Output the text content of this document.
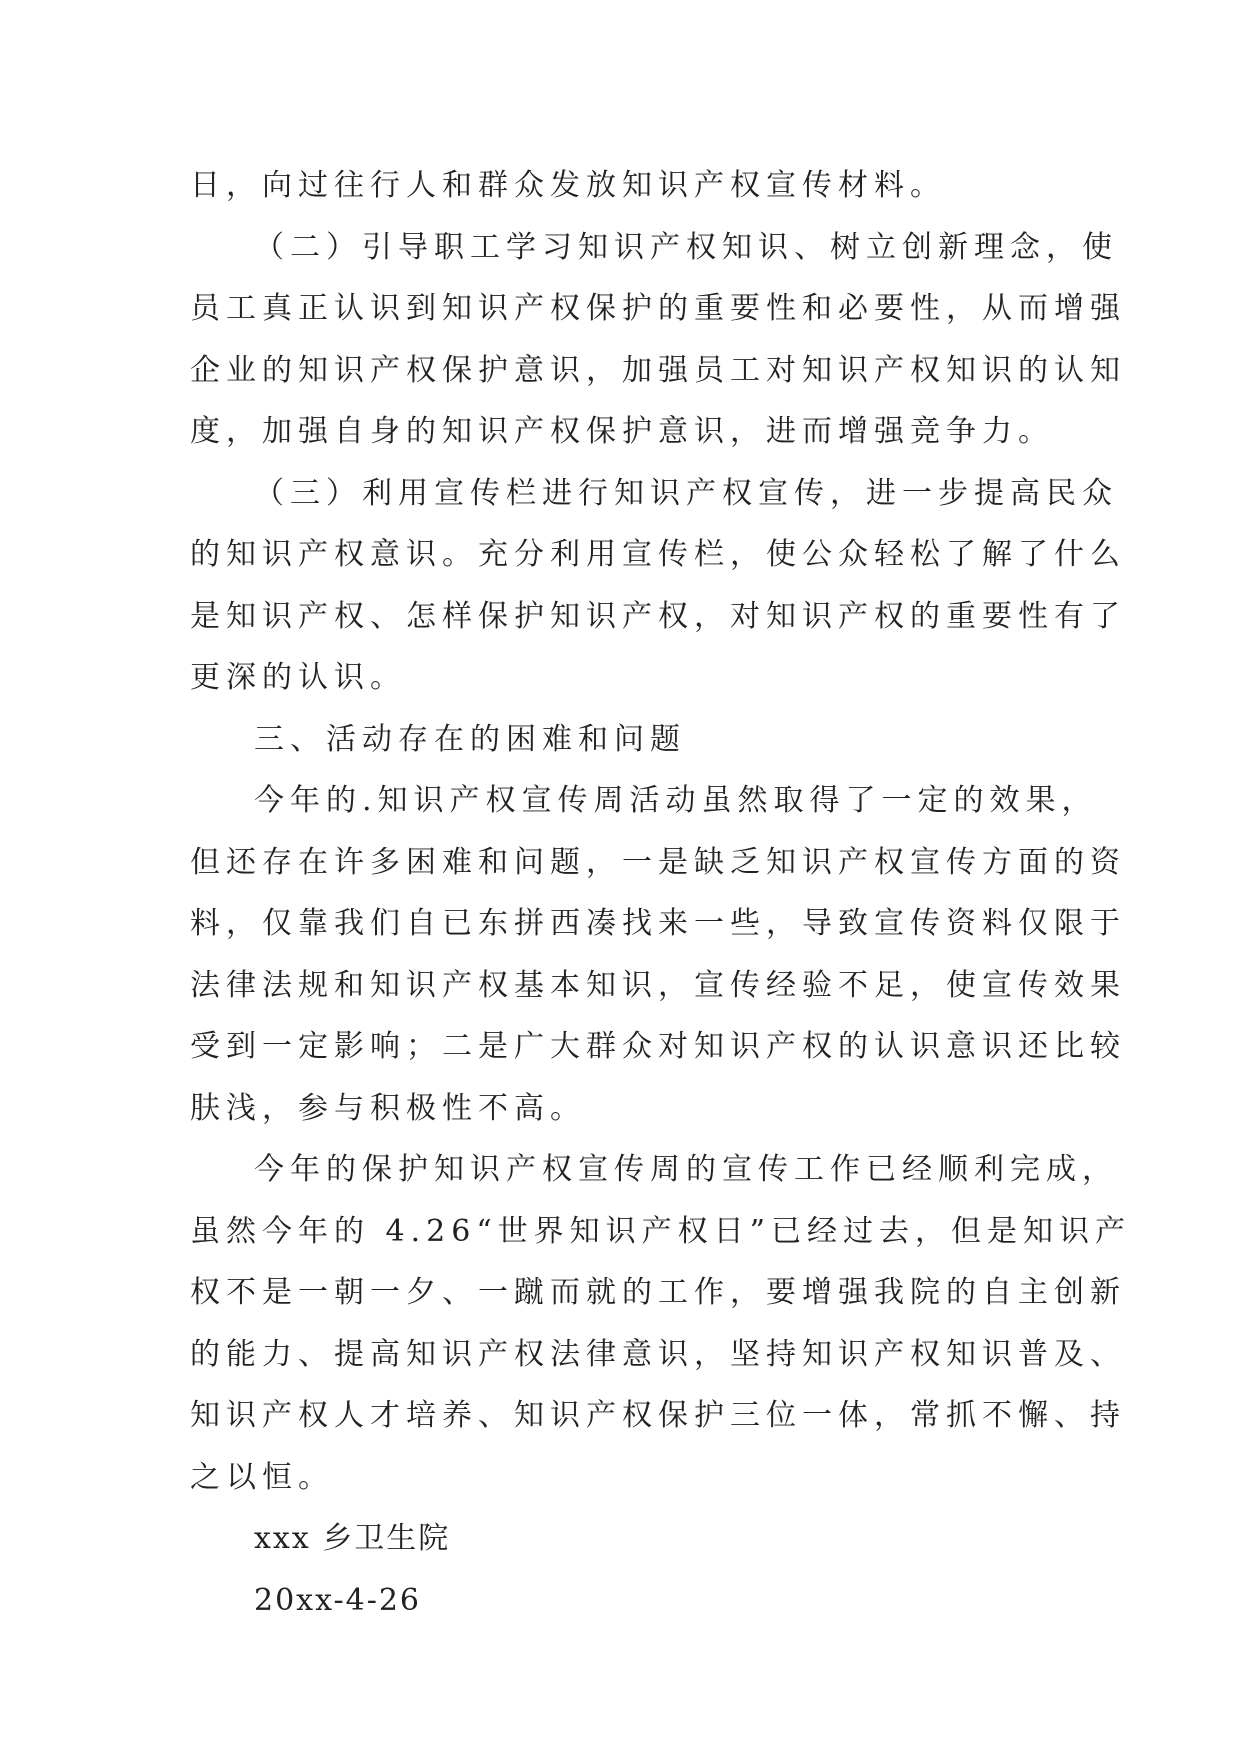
日，向过往行人和群众发放知识产权宣传材料。
（二）引导职工学习知识产权知识、树立创新理念，使
员工真正认识到知识产权保护的重要性和必要性，从而增强
企业的知识产权保护意识，加强员工对知识产权知识的认知
度，加强自身的知识产权保护意识，进而增强竞争力。
（三）利用宣传栏进行知识产权宣传，进一步提高民众
的知识产权意识。充分利用宣传栏，使公众轻松了解了什么
是知识产权、怎样保护知识产权，对知识产权的重要性有了
更深的认识。
三、活动存在的困难和问题
今年的.知识产权宣传周活动虽然取得了一定的效果，
但还存在许多困难和问题，一是缺乏知识产权宣传方面的资
料，仅靠我们自已东拼西凑找来一些，导致宣传资料仅限于
法律法规和知识产权基本知识，宣传经验不足，使宣传效果
受到一定影响；二是广大群众对知识产权的认识意识还比较
肤浅，参与积极性不高。
今年的保护知识产权宣传周的宣传工作已经顺利完成，
虽然今年的 4.26“世界知识产权日”已经过去，但是知识产
权不是一朝一夕、一蹴而就的工作，要增强我院的自主创新
的能力、提高知识产权法律意识，坚持知识产权知识普及、
知识产权人才培养、知识产权保护三位一体，常抓不懈、持
之以恒。
xxx 乡卫生院
20xx-4-26
